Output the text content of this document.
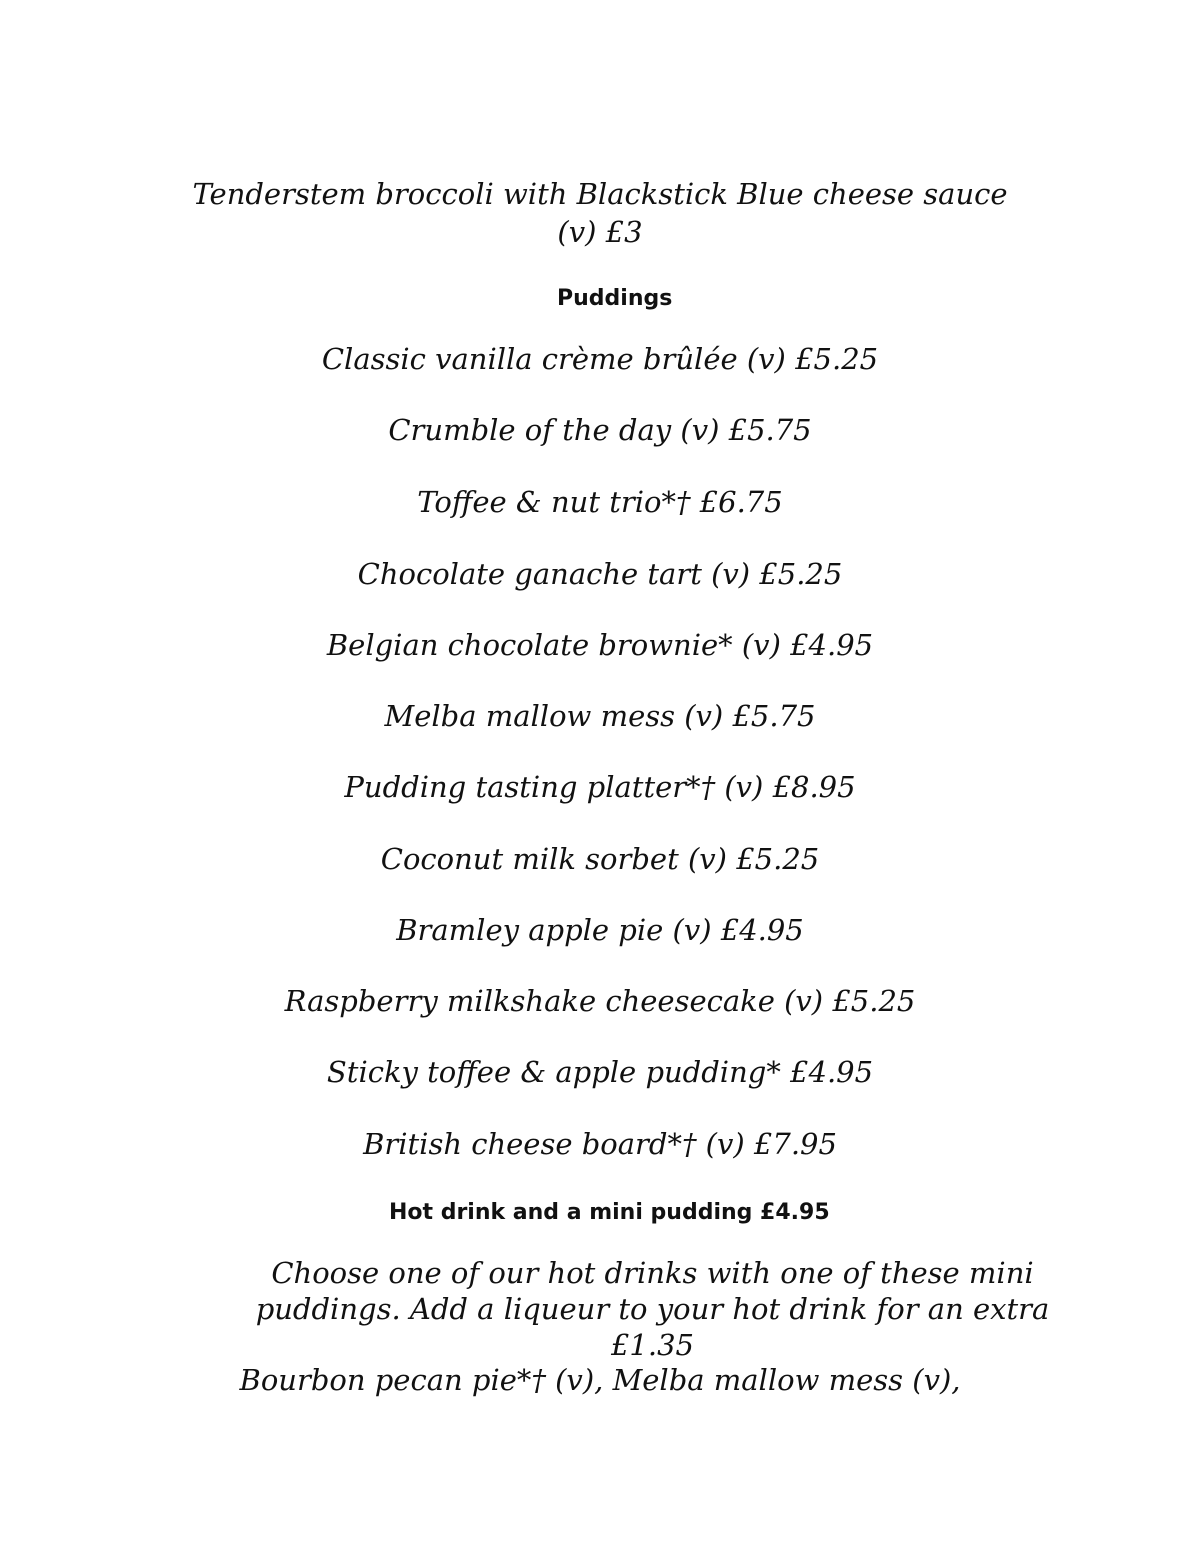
Tenderstem broccoli with Blackstick Blue cheese sauce
(v) £3
Puddings
Classic vanilla crème brûlée (v) £5.25
Crumble of the day (v) £5.75
Toffee & nut trio*† £6.75
Chocolate ganache tart (v) £5.25
Belgian chocolate brownie* (v) £4.95
Melba mallow mess (v) £5.75
Pudding tasting platter*† (v) £8.95
Coconut milk sorbet (v) £5.25
Bramley apple pie (v) £4.95
Raspberry milkshake cheesecake (v) £5.25
Sticky toffee & apple pudding* £4.95
British cheese board*† (v) £7.95
Hot drink and a mini pudding £4.95
Choose one of our hot drinks with one of these mini puddings. Add a liqueur to your hot drink for an extra £1.35
Bourbon pecan pie*† (v), Melba mallow mess (v),
